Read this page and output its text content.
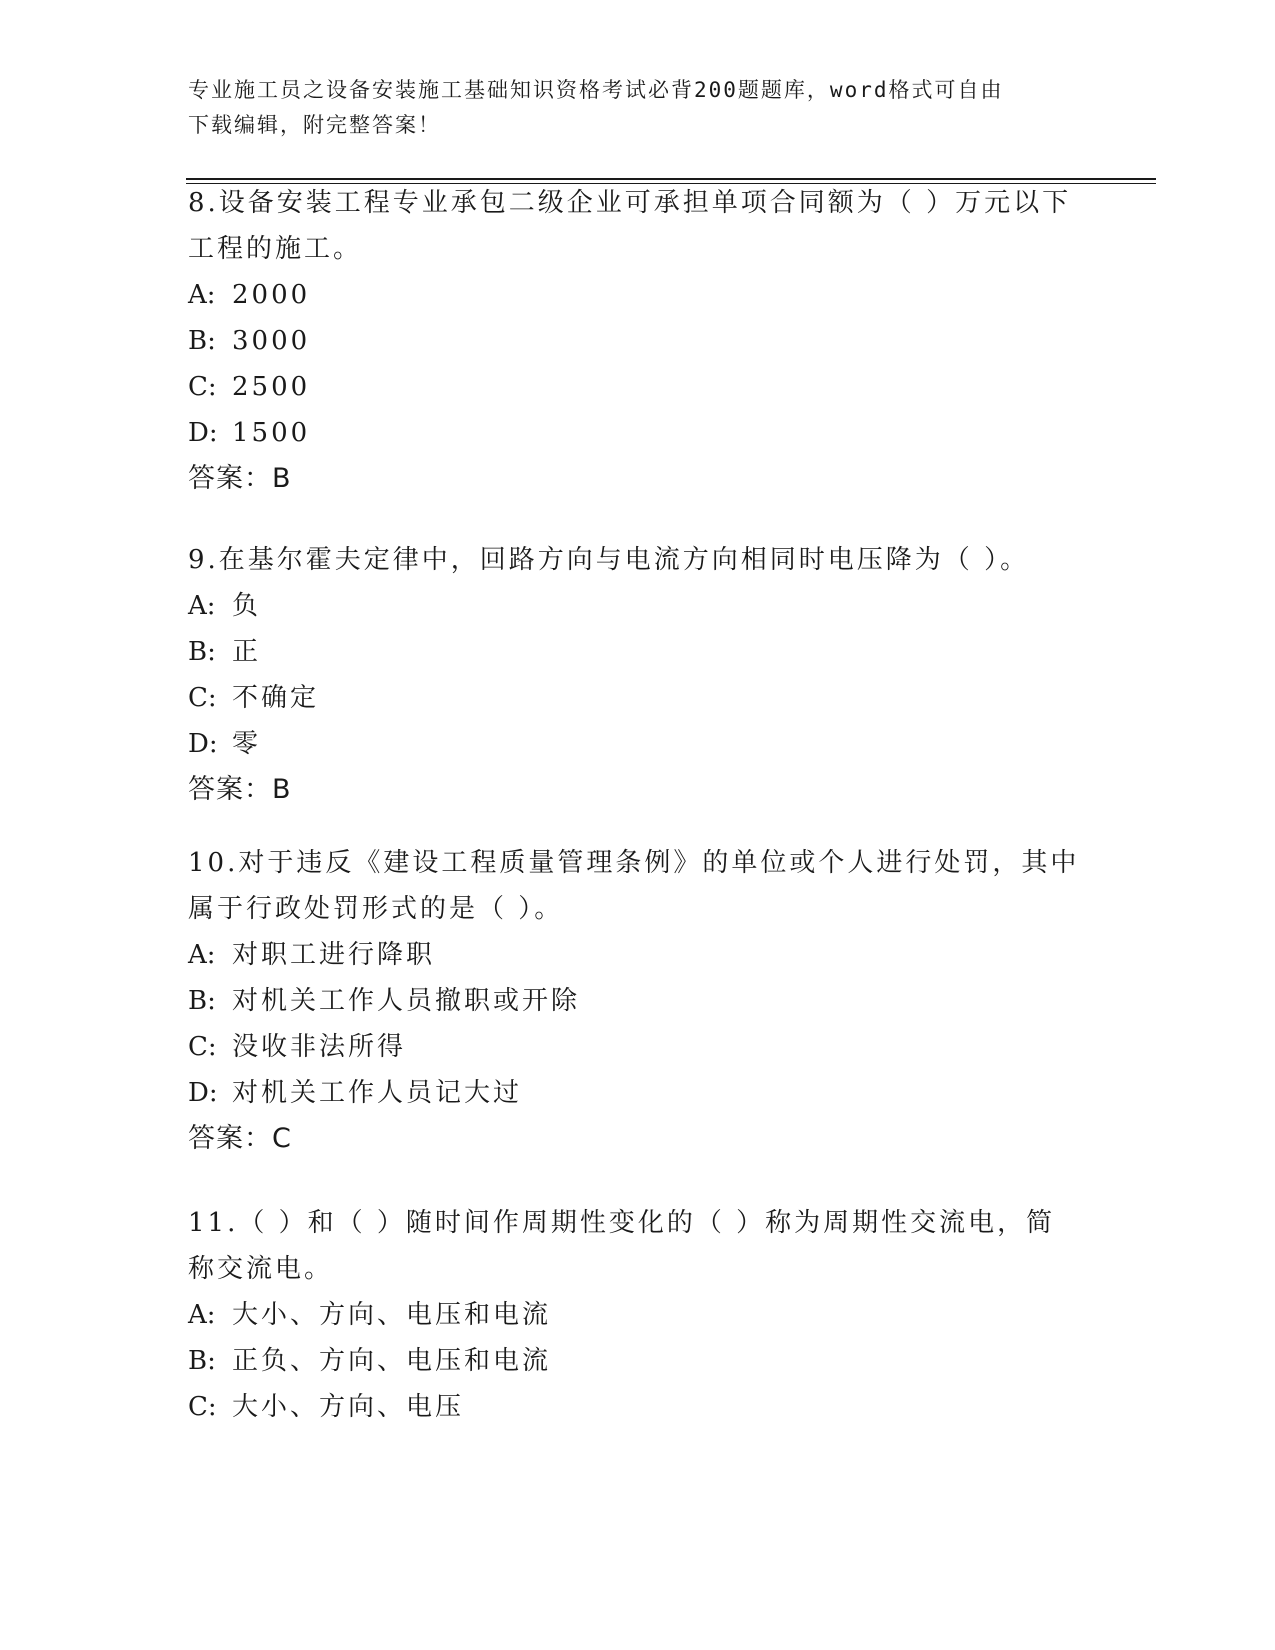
专业施工员之设备安装施工基础知识资格考试必背200题题库，word格式可自由
下载编辑，附完整答案！
8.设备安装工程专业承包二级企业可承担单项合同额为（ ）万元以下
工程的施工。
A: 2000
B: 3000
C: 2500
D: 1500
答案：B
9.在基尔霍夫定律中，回路方向与电流方向相同时电压降为（ ）。
A: 负
B: 正
C: 不确定
D: 零
答案：B
10.对于违反《建设工程质量管理条例》的单位或个人进行处罚，其中
属于行政处罚形式的是（ ）。
A: 对职工进行降职
B: 对机关工作人员撤职或开除
C: 没收非法所得
D: 对机关工作人员记大过
答案：C
11.（ ）和（ ）随时间作周期性变化的（ ）称为周期性交流电，简
称交流电。
A: 大小、方向、电压和电流
B: 正负、方向、电压和电流
C: 大小、方向、电压
